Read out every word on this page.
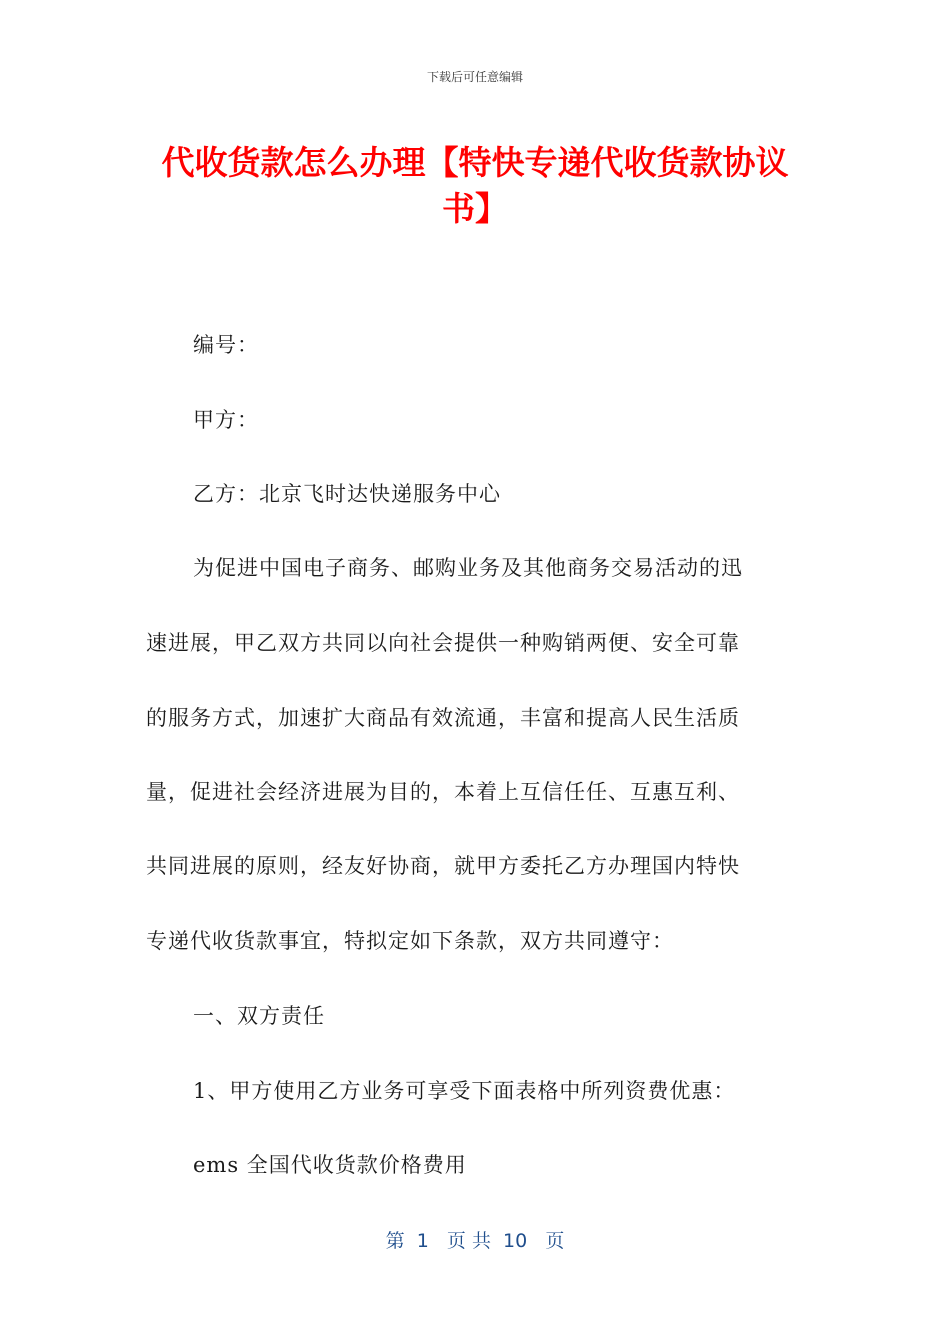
下载后可任意编辑
代收货款怎么办理【特快专递代收货款协议书】
编号：
甲方：
乙方：北京飞时达快递服务中心
为促进中国电子商务、邮购业务及其他商务交易活动的迅
速进展，甲乙双方共同以向社会提供一种购销两便、安全可靠
的服务方式，加速扩大商品有效流通，丰富和提高人民生活质
量，促进社会经济进展为目的，本着上互信任任、互惠互利、
共同进展的原则，经友好协商，就甲方委托乙方办理国内特快
专递代收货款事宜，特拟定如下条款，双方共同遵守：
一、双方责任
1、甲方使用乙方业务可享受下面表格中所列资费优惠：
ems 全国代收货款价格费用
第  1   页 共  10   页
